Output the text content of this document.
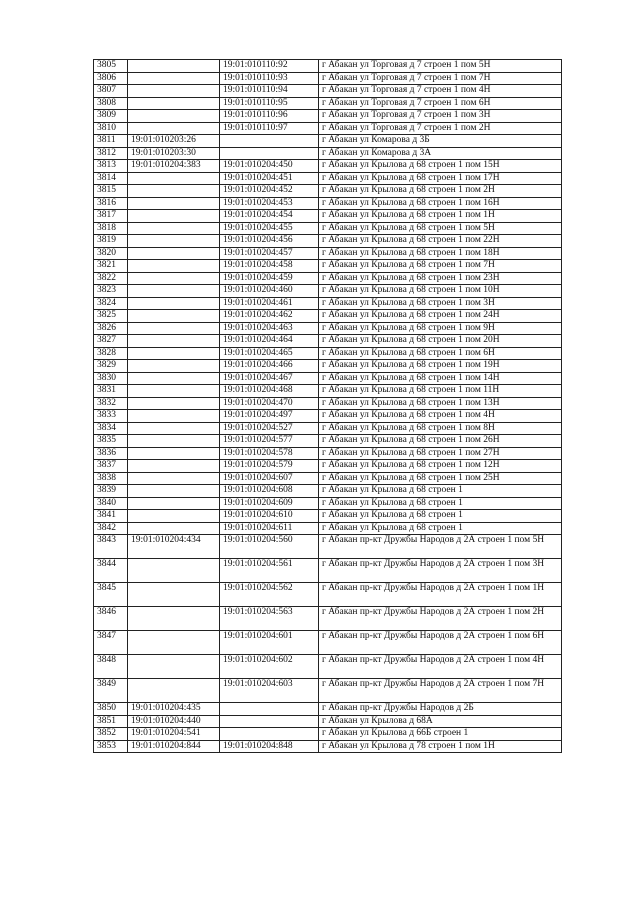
3805		19:01:010110:92	г Абакан ул Торговая д 7 строен 1 пом 5Н
3806		19:01:010110:93	г Абакан ул Торговая д 7 строен 1 пом 7Н
3807		19:01:010110:94	г Абакан ул Торговая д 7 строен 1 пом 4Н
3808		19:01:010110:95	г Абакан ул Торговая д 7 строен 1 пом 6Н
3809		19:01:010110:96	г Абакан ул Торговая д 7 строен 1 пом 3Н
3810		19:01:010110:97	г Абакан ул Торговая д 7 строен 1 пом 2Н
3811	19:01:010203:26		г Абакан ул Комарова д 3Б
3812	19:01:010203:30		г Абакан ул Комарова д 3А
3813	19:01:010204:383	19:01:010204:450	г Абакан ул Крылова д 68 строен 1 пом 15Н
3814		19:01:010204:451	г Абакан ул Крылова д 68 строен 1 пом 17Н
3815		19:01:010204:452	г Абакан ул Крылова д 68 строен 1 пом 2Н
3816		19:01:010204:453	г Абакан ул Крылова д 68 строен 1 пом 16Н
3817		19:01:010204:454	г Абакан ул Крылова д 68 строен 1 пом 1Н
3818		19:01:010204:455	г Абакан ул Крылова д 68 строен 1 пом 5Н
3819		19:01:010204:456	г Абакан ул Крылова д 68 строен 1 пом 22Н
3820		19:01:010204:457	г Абакан ул Крылова д 68 строен 1 пом 18Н
3821		19:01:010204:458	г Абакан ул Крылова д 68 строен 1 пом 7Н
3822		19:01:010204:459	г Абакан ул Крылова д 68 строен 1 пом 23Н
3823		19:01:010204:460	г Абакан ул Крылова д 68 строен 1 пом 10Н
3824		19:01:010204:461	г Абакан ул Крылова д 68 строен 1 пом 3Н
3825		19:01:010204:462	г Абакан ул Крылова д 68 строен 1 пом 24Н
3826		19:01:010204:463	г Абакан ул Крылова д 68 строен 1 пом 9Н
3827		19:01:010204:464	г Абакан ул Крылова д 68 строен 1 пом 20Н
3828		19:01:010204:465	г Абакан ул Крылова д 68 строен 1 пом 6Н
3829		19:01:010204:466	г Абакан ул Крылова д 68 строен 1 пом 19Н
3830		19:01:010204:467	г Абакан ул Крылова д 68 строен 1 пом 14Н
3831		19:01:010204:468	г Абакан ул Крылова д 68 строен 1 пом 11Н
3832		19:01:010204:470	г Абакан ул Крылова д 68 строен 1 пом 13Н
3833		19:01:010204:497	г Абакан ул Крылова д 68 строен 1 пом 4Н
3834		19:01:010204:527	г Абакан ул Крылова д 68 строен 1 пом 8Н
3835		19:01:010204:577	г Абакан ул Крылова д 68 строен 1 пом 26Н
3836		19:01:010204:578	г Абакан ул Крылова д 68 строен 1 пом 27Н
3837		19:01:010204:579	г Абакан ул Крылова д 68 строен 1 пом 12Н
3838		19:01:010204:607	г Абакан ул Крылова д 68 строен 1 пом 25Н
3839		19:01:010204:608	г Абакан ул Крылова д 68 строен 1
3840		19:01:010204:609	г Абакан ул Крылова д 68 строен 1
3841		19:01:010204:610	г Абакан ул Крылова д 68 строен 1
3842		19:01:010204:611	г Абакан ул Крылова д 68 строен 1
3843	19:01:010204:434	19:01:010204:560	г Абакан пр-кт Дружбы Народов д 2А строен 1 пом 5Н
3844		19:01:010204:561	г Абакан пр-кт Дружбы Народов д 2А строен 1 пом 3Н
3845		19:01:010204:562	г Абакан пр-кт Дружбы Народов д 2А строен 1 пом 1Н
3846		19:01:010204:563	г Абакан пр-кт Дружбы Народов д 2А строен 1 пом 2Н
3847		19:01:010204:601	г Абакан пр-кт Дружбы Народов д 2А строен 1 пом 6Н
3848		19:01:010204:602	г Абакан пр-кт Дружбы Народов д 2А строен 1 пом 4Н
3849		19:01:010204:603	г Абакан пр-кт Дружбы Народов д 2А строен 1 пом 7Н
3850	19:01:010204:435		г Абакан пр-кт Дружбы Народов д 2Б
3851	19:01:010204:440		г Абакан ул Крылова д 68А
3852	19:01:010204:541		г Абакан ул Крылова д 66Б строен 1
3853	19:01:010204:844	19:01:010204:848	г Абакан ул Крылова д 78 строен 1 пом 1Н
